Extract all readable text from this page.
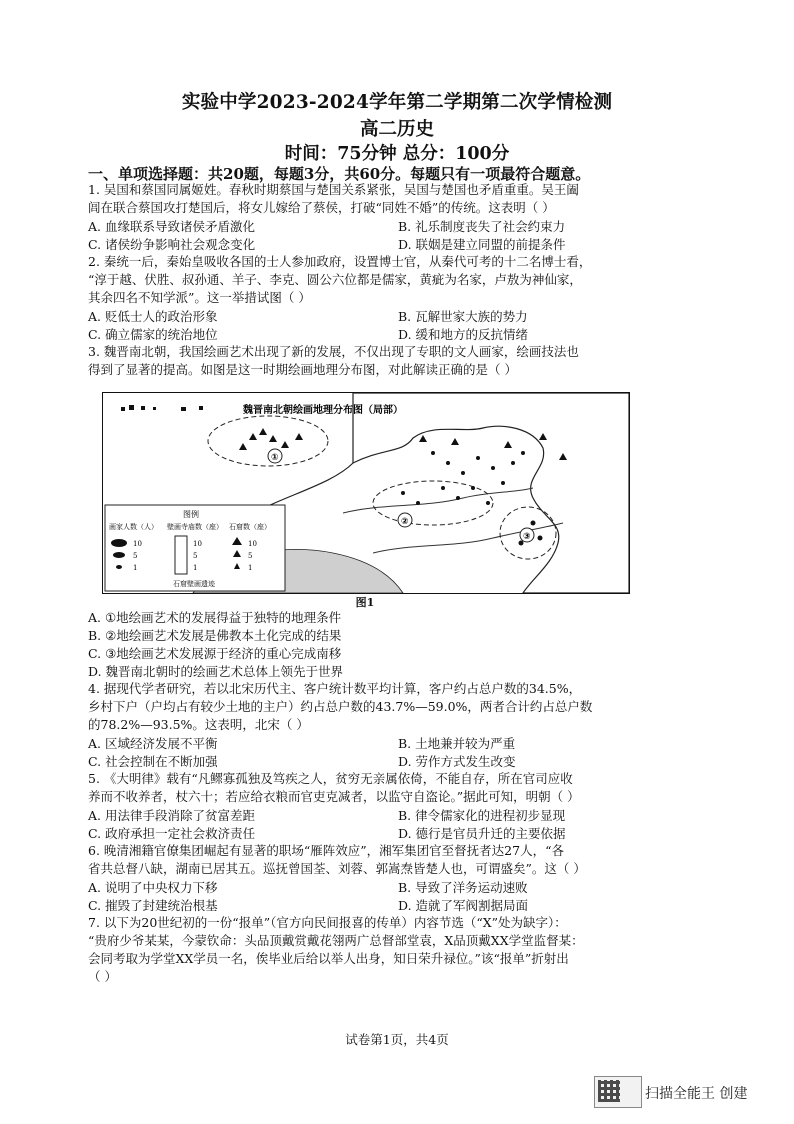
实验中学2023-2024学年第二学期第二次学情检测
高二历史
时间：75分钟 总分：100分
一、单项选择题：共20题，每题3分，共60分。每题只有一项最符合题意。
1. 吴国和蔡国同属姬姓。春秋时期蔡国与楚国关系紧张，吴国与楚国也矛盾重重。吴王阖
闾在联合蔡国攻打楚国后，将女儿嫁给了蔡侯，打破“同姓不婚”的传统。这表明（ ）
A. 血缘联系导致诸侯矛盾激化	B. 礼乐制度丧失了社会约束力
C. 诸侯纷争影响社会观念变化	D. 联姻是建立同盟的前提条件
2. 秦统一后，秦始皇吸收各国的士人参加政府，设置博士官，从秦代可考的十二名博士看，
“淳于越、伏胜、叔孙通、羊子、李克、圆公六位都是儒家，黄疵为名家，卢敖为神仙家，
其余四名不知学派”。这一举措试图（ ）
A. 贬低士人的政治形象	B. 瓦解世家大族的势力
C. 确立儒家的统治地位	D. 缓和地方的反抗情绪
3. 魏晋南北朝，我国绘画艺术出现了新的发展，不仅出现了专职的文人画家，绘画技法也
得到了显著的提高。如图是这一时期绘画地理分布图，对此解读正确的是（ ）
①
②
③
魏晋南北朝绘画地理分布图（局部）
图例
画家人数（人） 壁画寺庙数（座） 石窟数（座）
10
5
1
10
5
1
10
5
1
石窟壁画遗迹
图1
A. ①地绘画艺术的发展得益于独特的地理条件
B. ②地绘画艺术发展是佛教本土化完成的结果
C. ③地绘画艺术发展源于经济的重心完成南移
D. 魏晋南北朝时的绘画艺术总体上领先于世界
4. 据现代学者研究，若以北宋历代主、客户统计数平均计算，客户约占总户数的34.5%，
乡村下户（户均占有较少土地的主户）约占总户数的43.7%—59.0%，两者合计约占总户数
的78.2%—93.5%。这表明，北宋（ ）
A. 区域经济发展不平衡	B. 土地兼并较为严重
C. 社会控制在不断加强	D. 劳作方式发生改变
5. 《大明律》载有“凡鳏寡孤独及笃疾之人，贫穷无亲属依倚，不能自存，所在官司应收
养而不收养者，杖六十；若应给衣粮而官吏克减者，以监守自盗论。”据此可知，明朝（ ）
A. 用法律手段消除了贫富差距	B. 律令儒家化的进程初步显现
C. 政府承担一定社会救济责任	D. 德行是官员升迁的主要依据
6. 晚清湘籍官僚集团崛起有显著的职场“雁阵效应”，湘军集团官至督抚者达27人，“各
省共总督八缺，湖南已居其五。巡抚曾国荃、刘蓉、郭嵩焘皆楚人也，可谓盛矣”。这（ ）
A. 说明了中央权力下移	B. 导致了洋务运动速败
C. 摧毁了封建统治根基	D. 造就了军阀割据局面
7. 以下为20世纪初的一份“报单”（官方向民间报喜的传单）内容节选（“X”处为缺字）：
“贵府少爷某某，今蒙钦命：头品顶戴赏戴花翎两广总督部堂袁，X品顶戴XX学堂监督某：
会同考取为学堂XX学员一名，俟毕业后给以举人出身，知日荣升禄位。”该“报单”折射出
（ ）
试卷第1页，共4页
扫描全能王 创建
